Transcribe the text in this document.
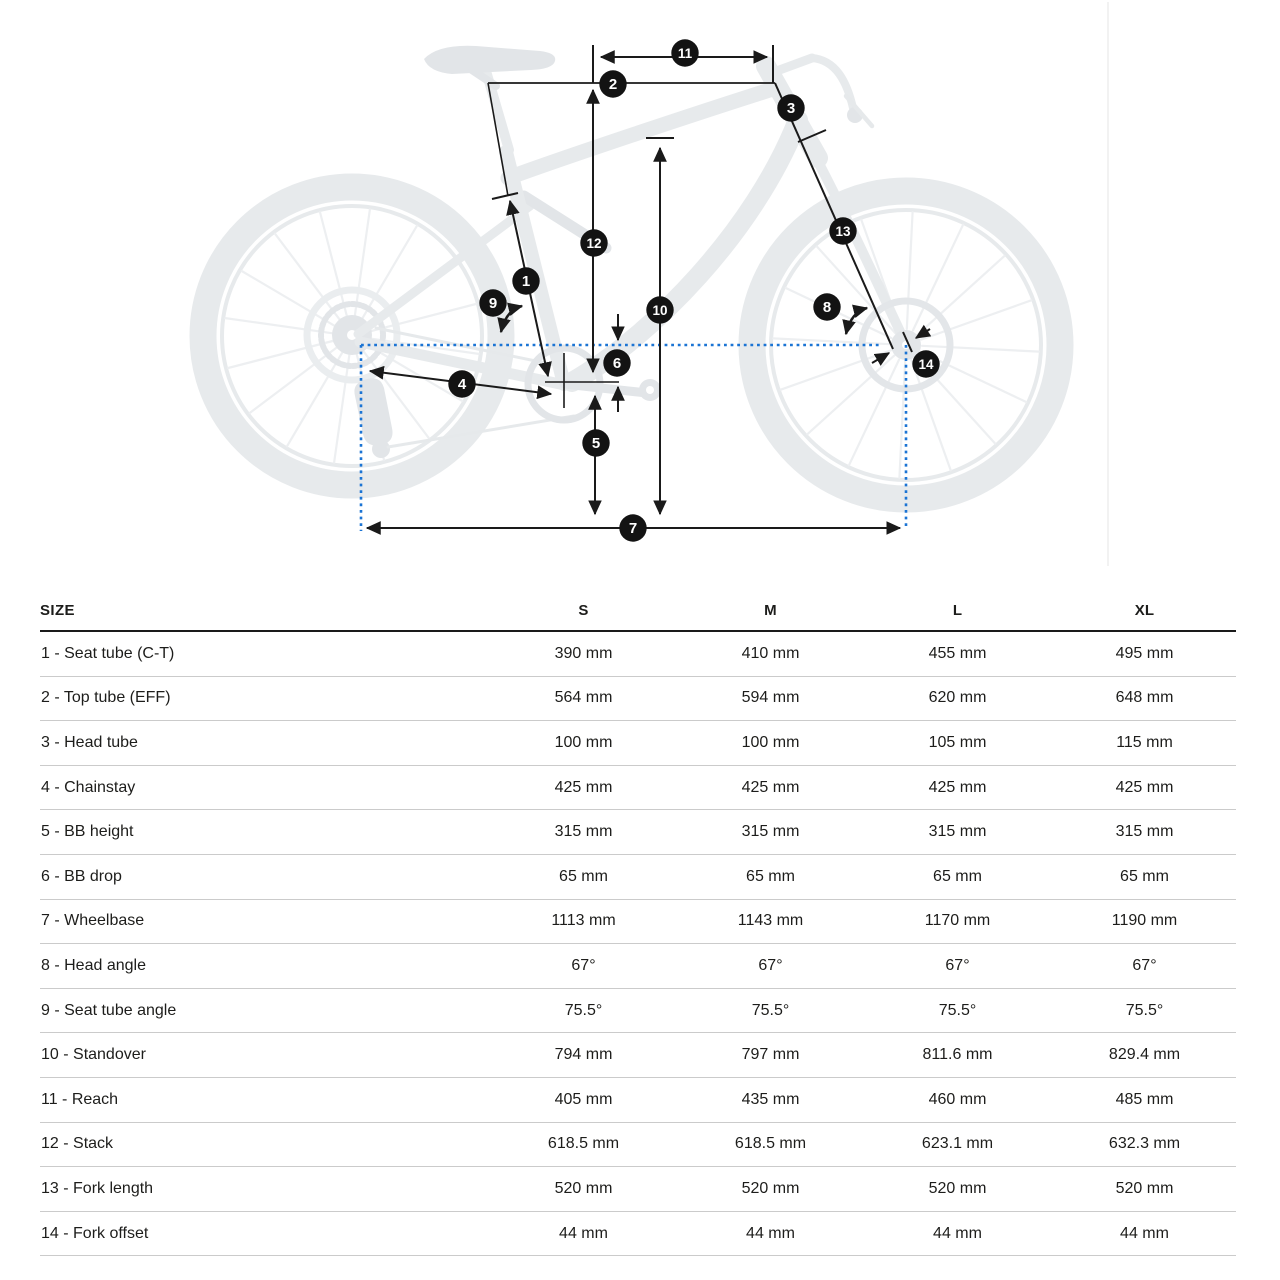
1
2
3
4
5
6
7
8
9	10
11
12
13
14
SIZE	S	M	L	XL
1 - Seat tube (C-T)	390 mm	410 mm	455 mm	495 mm
2 - Top tube (EFF)	564 mm	594 mm	620 mm	648 mm
3 - Head tube	100 mm	100 mm	105 mm	115 mm
4 - Chainstay	425 mm	425 mm	425 mm	425 mm
5 - BB height	315 mm	315 mm	315 mm	315 mm
6 - BB drop	65 mm	65 mm	65 mm	65 mm
7 - Wheelbase	1113 mm	1143 mm	1170 mm	1190 mm
8 - Head angle	67°	67°	67°	67°
9 - Seat tube angle	75.5°	75.5°	75.5°	75.5°
10 - Standover	794 mm	797 mm	811.6 mm	829.4 mm
11 - Reach	405 mm	435 mm	460 mm	485 mm
12 - Stack	618.5 mm	618.5 mm	623.1 mm	632.3 mm
13 - Fork length	520 mm	520 mm	520 mm	520 mm
14 - Fork offset	44 mm	44 mm	44 mm	44 mm
